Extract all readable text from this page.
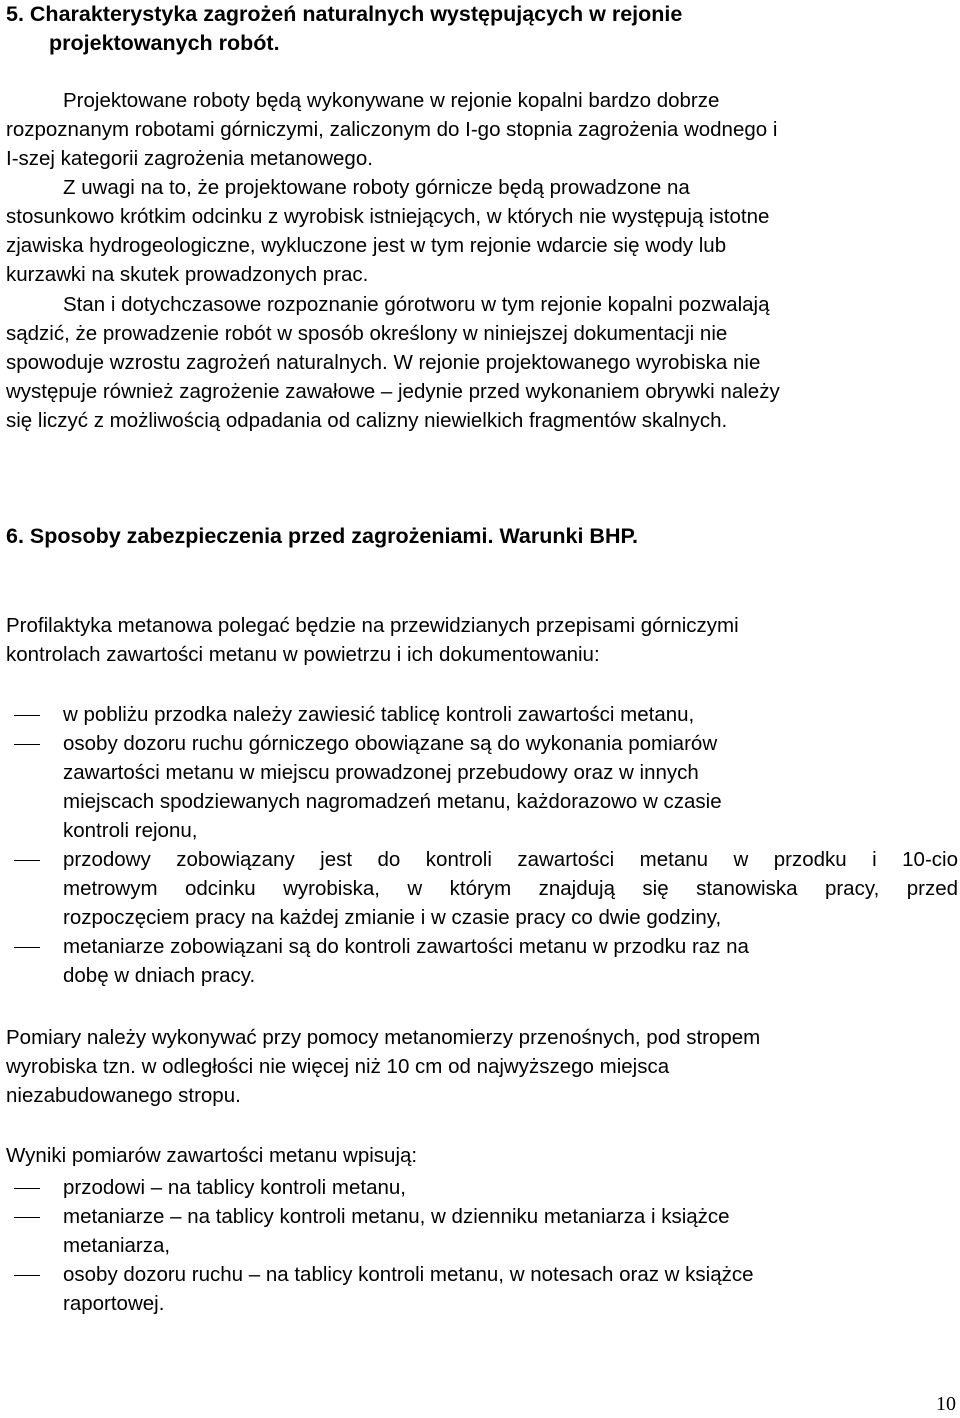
5. Charakterystyka zagrożeń naturalnych występujących w rejonie
projektowanych robót.
Projektowane roboty będą wykonywane w rejonie kopalni bardzo dobrze
rozpoznanym robotami górniczymi, zaliczonym do I-go stopnia zagrożenia wodnego i
I-szej kategorii zagrożenia metanowego.
Z uwagi na to, że projektowane roboty górnicze będą prowadzone na
stosunkowo krótkim odcinku z wyrobisk istniejących, w których nie występują istotne
zjawiska hydrogeologiczne, wykluczone jest w tym rejonie wdarcie się wody lub
kurzawki na skutek prowadzonych prac.
Stan i dotychczasowe rozpoznanie górotworu w tym rejonie kopalni pozwalają
sądzić, że prowadzenie robót w sposób określony w niniejszej dokumentacji nie
spowoduje wzrostu zagrożeń naturalnych. W rejonie projektowanego wyrobiska nie
występuje również zagrożenie zawałowe – jedynie przed wykonaniem obrywki należy
się liczyć z możliwością odpadania od calizny niewielkich fragmentów skalnych.
6. Sposoby zabezpieczenia przed zagrożeniami. Warunki BHP.
Profilaktyka metanowa polegać będzie na przewidzianych przepisami górniczymi
kontrolach zawartości metanu w powietrzu i ich dokumentowaniu:
w pobliżu przodka należy zawiesić tablicę kontroli zawartości metanu,
osoby dozoru ruchu górniczego obowiązane są do wykonania pomiarów
zawartości metanu w miejscu prowadzonej przebudowy oraz w innych
miejscach spodziewanych nagromadzeń metanu, każdorazowo w czasie
kontroli rejonu,
przodowy zobowiązany jest do kontroli zawartości metanu w przodku i 10-cio
metrowym odcinku wyrobiska, w którym znajdują się stanowiska pracy, przed
rozpoczęciem pracy na każdej zmianie i w czasie pracy co dwie godziny,
metaniarze zobowiązani są do kontroli zawartości metanu w przodku raz na
dobę w dniach pracy.
Pomiary należy wykonywać przy pomocy metanomierzy przenośnych, pod stropem
wyrobiska tzn. w odległości nie więcej niż 10 cm od najwyższego miejsca
niezabudowanego stropu.
Wyniki pomiarów zawartości metanu wpisują:
przodowi – na tablicy kontroli metanu,
metaniarze – na tablicy kontroli metanu, w dzienniku metaniarza i książce
metaniarza,
osoby dozoru ruchu – na tablicy kontroli metanu, w notesach oraz w książce
raportowej.
10
